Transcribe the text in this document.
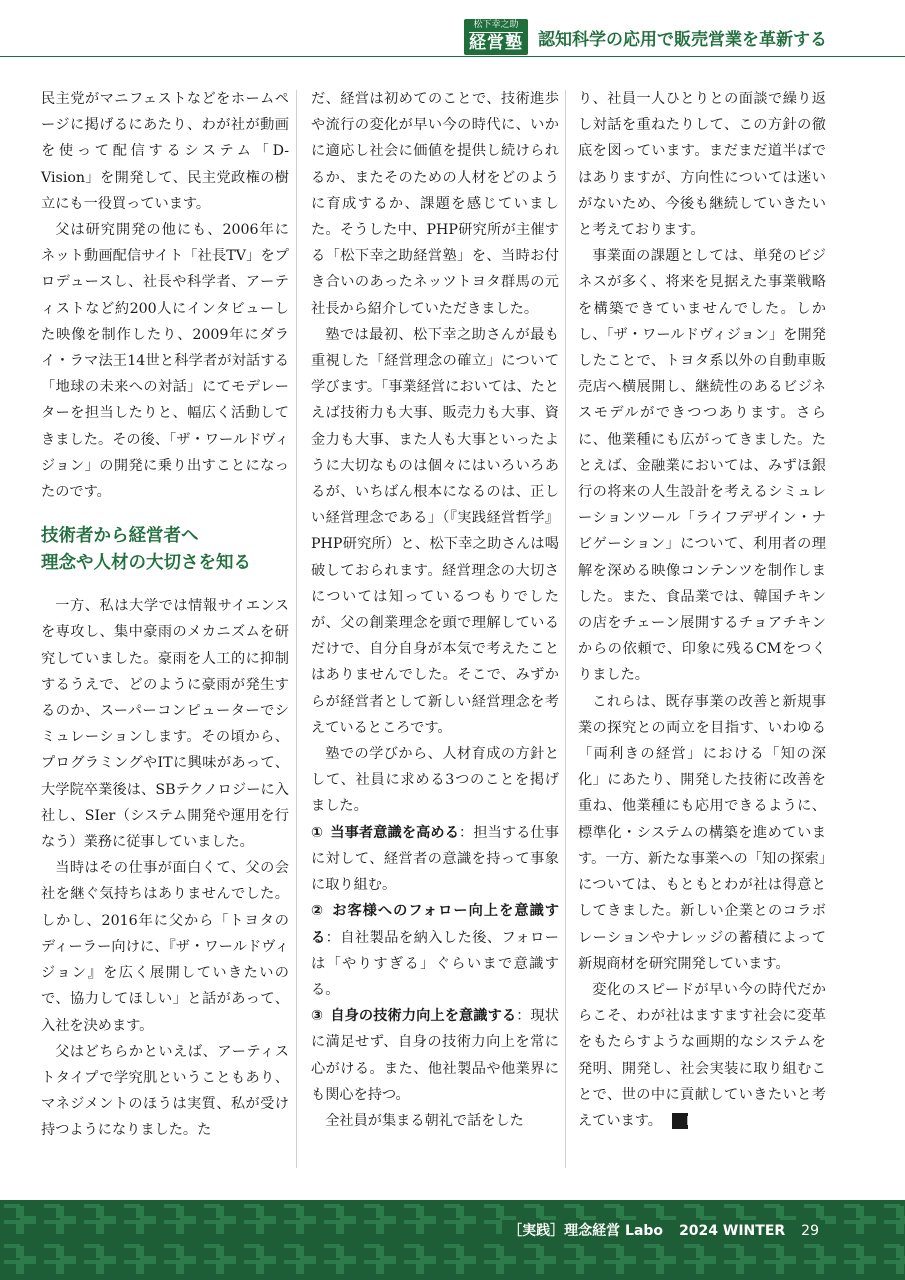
松下幸之助
経営塾 認知科学の応用で販売営業を革新する

民主党がマニフェストなどをホームページに掲げるにあたり、わが社が動画を使って配信するシステム「D-Vision」を開発して、民主党政権の樹立にも一役買っています。

父は研究開発の他にも、2006年にネット動画配信サイト「社長TV」をプロデュースし、社長や科学者、アーティストなど約200人にインタビューした映像を制作したり、2009年にダライ・ラマ法王14世と科学者が対話する「地球の未来への対話」にてモデレーターを担当したりと、幅広く活動してきました。その後、「ザ・ワールドヴィジョン」の開発に乗り出すことになったのです。

技術者から経営者へ
理念や人材の大切さを知る

一方、私は大学では情報サイエンスを専攻し、集中豪雨のメカニズムを研究していました。豪雨を人工的に抑制するうえで、どのように豪雨が発生するのか、スーパーコンピューターでシミュレーションします。その頃から、プログラミングやITに興味があって、大学院卒業後は、SBテクノロジーに入社し、SIer（システム開発や運用を行なう）業務に従事していました。

当時はその仕事が面白くて、父の会社を継ぐ気持ちはありませんでした。しかし、2016年に父から「トヨタのディーラー向けに、『ザ・ワールドヴィジョン』を広く展開していきたいので、協力してほしい」と話があって、入社を決めます。

父はどちらかといえば、アーティストタイプで学究肌ということもあり、マネジメントのほうは実質、私が受け持つようになりました。た

だ、経営は初めてのことで、技術進歩や流行の変化が早い今の時代に、いかに適応し社会に価値を提供し続けられるか、またそのための人材をどのように育成するか、課題を感じていました。そうした中、PHP研究所が主催する「松下幸之助経営塾」を、当時お付き合いのあったネッツトヨタ群馬の元社長から紹介していただきました。

塾では最初、松下幸之助さんが最も重視した「経営理念の確立」について学びます。「事業経営においては、たとえば技術力も大事、販売力も大事、資金力も大事、また人も大事といったように大切なものは個々にはいろいろあるが、いちばん根本になるのは、正しい経営理念である」（『実践経営哲学』PHP研究所）と、松下幸之助さんは喝破しておられます。経営理念の大切さについては知っているつもりでしたが、父の創業理念を頭で理解しているだけで、自分自身が本気で考えたことはありませんでした。そこで、みずからが経営者として新しい経営理念を考えているところです。

塾での学びから、人材育成の方針として、社員に求める3つのことを掲げました。

①  当事者意識を高める：担当する仕事に対して、経営者の意識を持って事象に取り組む。

②  お客様へのフォロー向上を意識する：自社製品を納入した後、フォローは「やりすぎる」ぐらいまで意識する。

③  自身の技術力向上を意識する：現状に満足せず、自身の技術力向上を常に心がける。また、他社製品や他業界にも関心を持つ。

全社員が集まる朝礼で話をした

り、社員一人ひとりとの面談で繰り返し対話を重ねたりして、この方針の徹底を図っています。まだまだ道半ばではありますが、方向性については迷いがないため、今後も継続していきたいと考えております。

事業面の課題としては、単発のビジネスが多く、将来を見据えた事業戦略を構築できていませんでした。しかし、「ザ・ワールドヴィジョン」を開発したことで、トヨタ系以外の自動車販売店へ横展開し、継続性のあるビジネスモデルができつつあります。さらに、他業種にも広がってきました。たとえば、金融業においては、みずほ銀行の将来の人生設計を考えるシミュレーションツール「ライフデザイン・ナビゲーション」について、利用者の理解を深める映像コンテンツを制作しました。また、食品業では、韓国チキンの店をチェーン展開するチョアチキンからの依頼で、印象に残るCMをつくりました。

これらは、既存事業の改善と新規事業の探究との両立を目指す、いわゆる「両利きの経営」における「知の深化」にあたり、開発した技術に改善を重ね、他業種にも応用できるように、標準化・システムの構築を進めています。一方、新たな事業への「知の探索」については、もともとわが社は得意としてきました。新しい企業とのコラボレーションやナレッジの蓄積によって新規商材を研究開発しています。

変化のスピードが早い今の時代だからこそ、わが社はますます社会に変革をもたらすような画期的なシステムを発明、開発し、社会実装に取り組むことで、世の中に貢献していきたいと考えています。 L

［実践］理念経営 Labo 2024 WINTER 29
